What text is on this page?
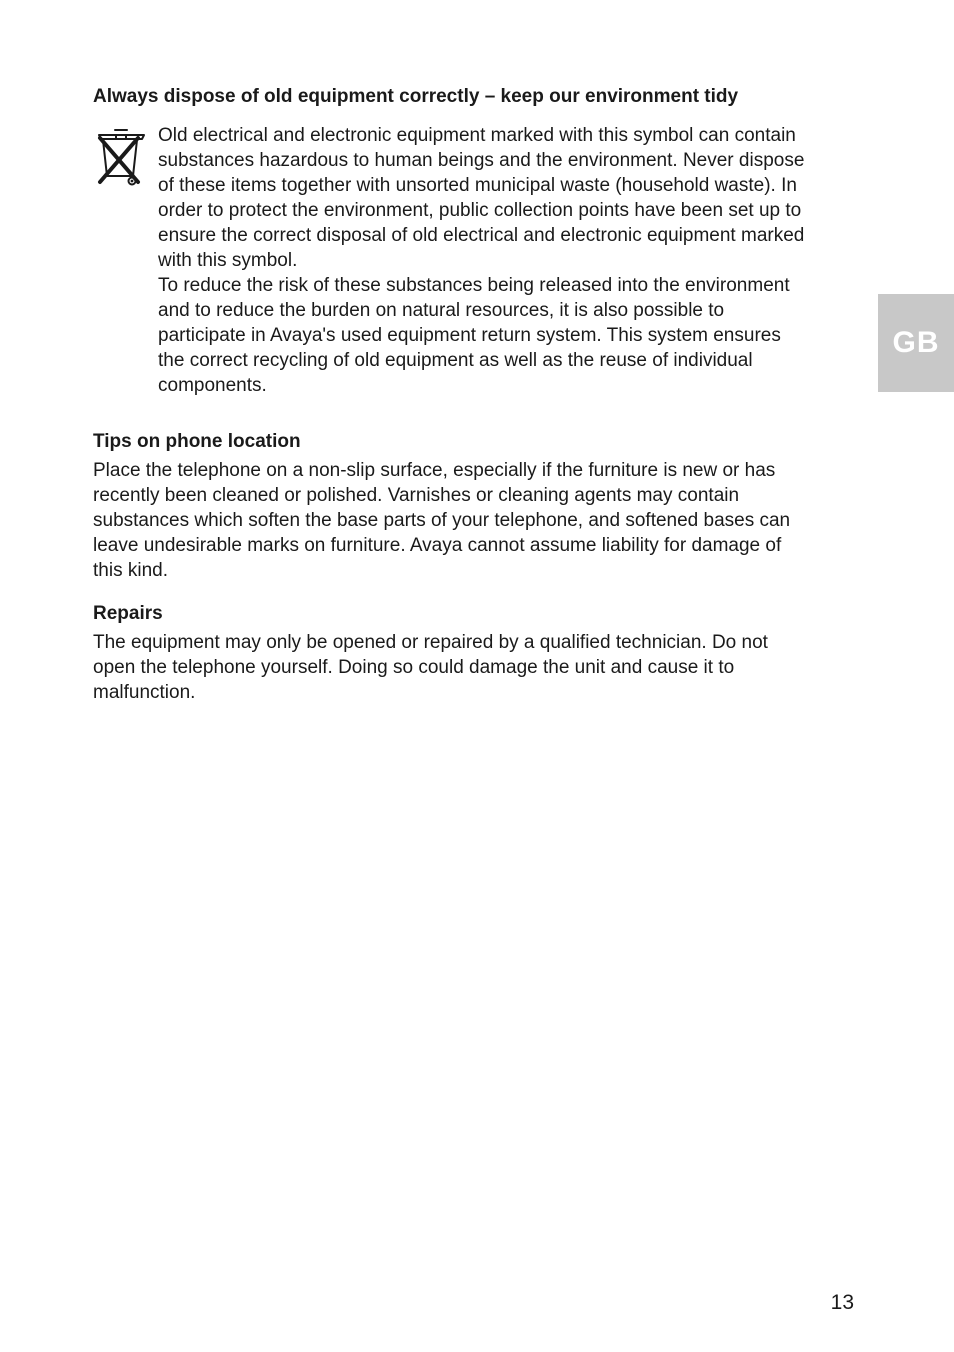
Always dispose of old equipment correctly – keep our environment tidy

Old electrical and electronic equipment marked with this symbol can contain
substances hazardous to human beings and the environment. Never dispose
of these items together with unsorted municipal waste (household waste). In
order to protect the environment, public collection points have been set up to
ensure the correct disposal of old electrical and electronic equipment marked
with this symbol.
To reduce the risk of these substances being released into the environment
and to reduce the burden on natural resources, it is also possible to
participate in Avaya's used equipment return system. This system ensures
the correct recycling of old equipment as well as the reuse of individual
components.

Tips on phone location

Place the telephone on a non-slip surface, especially if the furniture is new or has
recently been cleaned or polished. Varnishes or cleaning agents may contain
substances which soften the base parts of your telephone, and softened bases can
leave undesirable marks on furniture. Avaya cannot assume liability for damage of
this kind.

Repairs

The equipment may only be opened or repaired by a qualified technician. Do not
open the telephone yourself. Doing so could damage the unit and cause it to
malfunction.

GB
13
